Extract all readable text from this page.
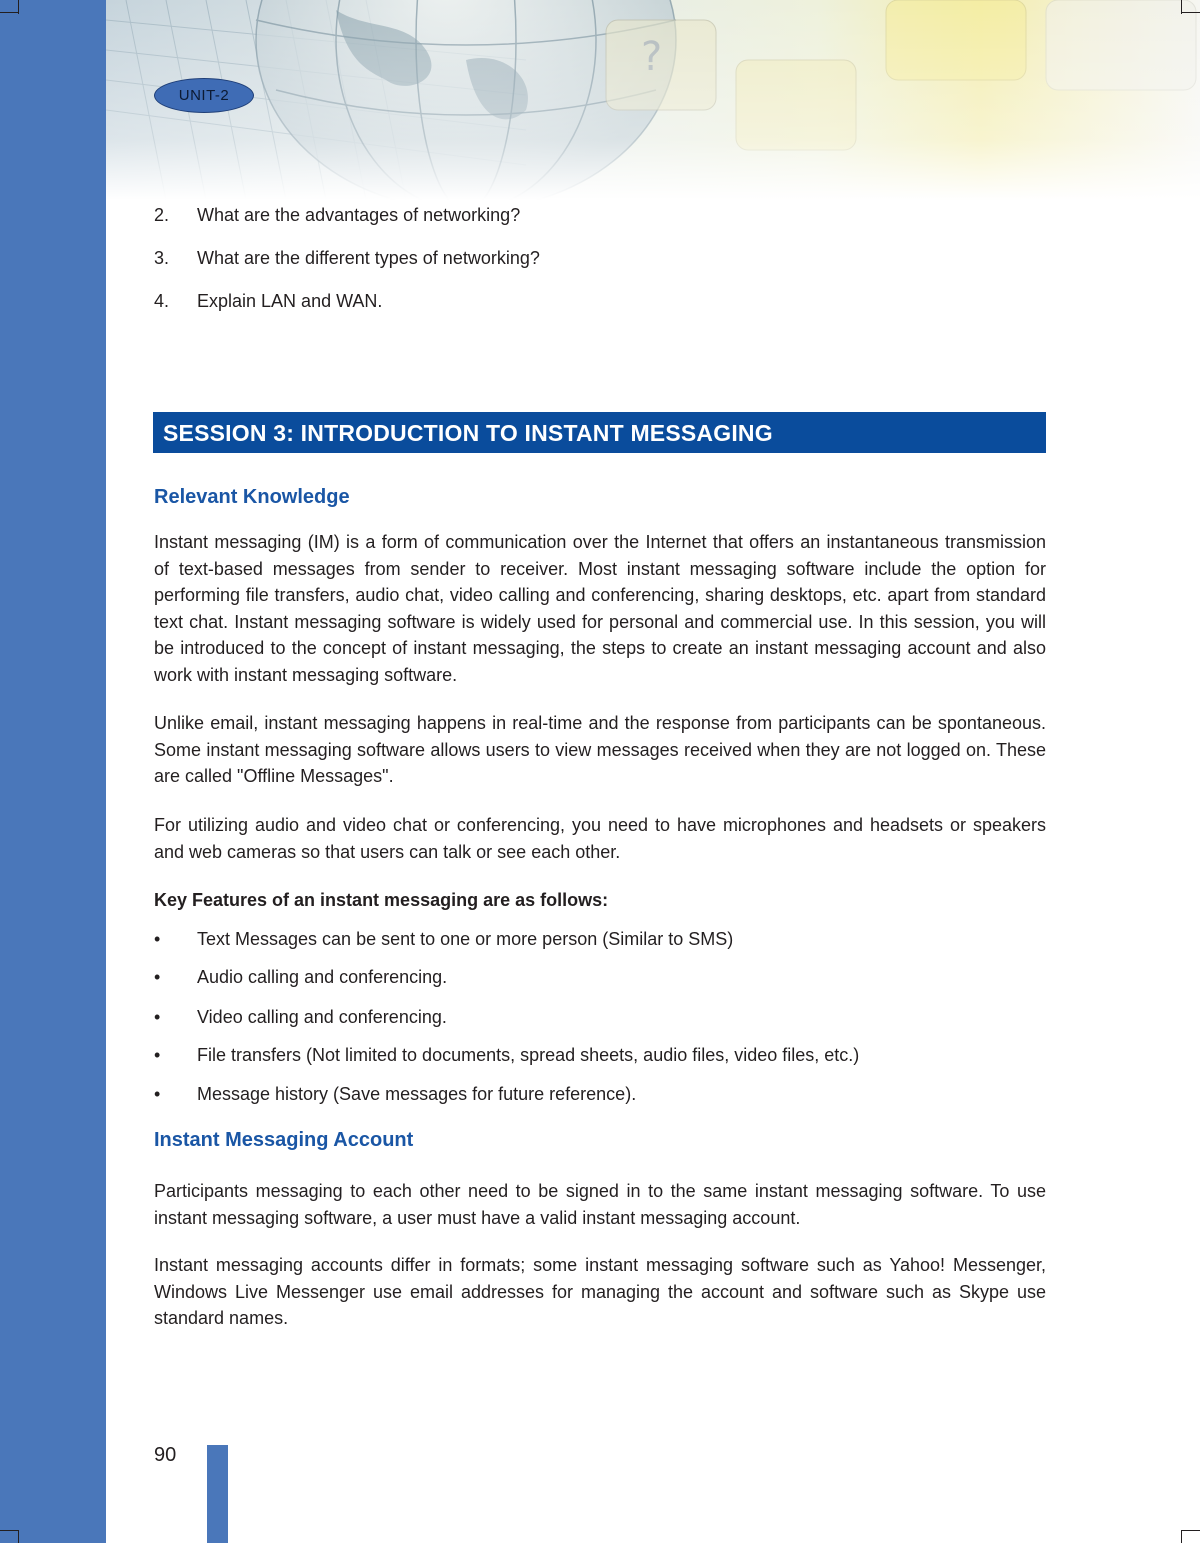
UNIT-2
2. What are the advantages of networking?
3. What are the different types of networking?
4. Explain LAN and WAN.
SESSION 3: INTRODUCTION TO INSTANT MESSAGING
Relevant Knowledge
Instant messaging (IM) is a form of communication over the Internet that offers an instantaneous transmission of text-based messages from sender to receiver. Most instant messaging software include the option for performing file transfers, audio chat, video calling and conferencing, sharing desktops, etc. apart from standard text chat. Instant messaging software is widely used for personal and commercial use. In this session, you will be introduced to the concept of instant messaging, the steps to create an instant messaging account and also work with instant messaging software.
Unlike email, instant messaging happens in real-time and the response from participants can be spontaneous. Some instant messaging software allows users to view messages received when they are not logged on. These are called "Offline Messages".
For utilizing audio and video chat or conferencing, you need to have microphones and headsets or speakers and web cameras so that users can talk or see each other.
Key Features of an instant messaging are as follows:
• Text Messages can be sent to one or more person (Similar to SMS)
• Audio calling and conferencing.
• Video calling and conferencing.
• File transfers (Not limited to documents, spread sheets, audio files, video files, etc.)
• Message history (Save messages for future reference).
Instant Messaging Account
Participants messaging to each other need to be signed in to the same instant messaging software. To use instant messaging software, a user must have a valid instant messaging account.
Instant messaging accounts differ in formats; some instant messaging software such as Yahoo! Messenger, Windows Live Messenger use email addresses for managing the account and software such as Skype use standard names.
90
